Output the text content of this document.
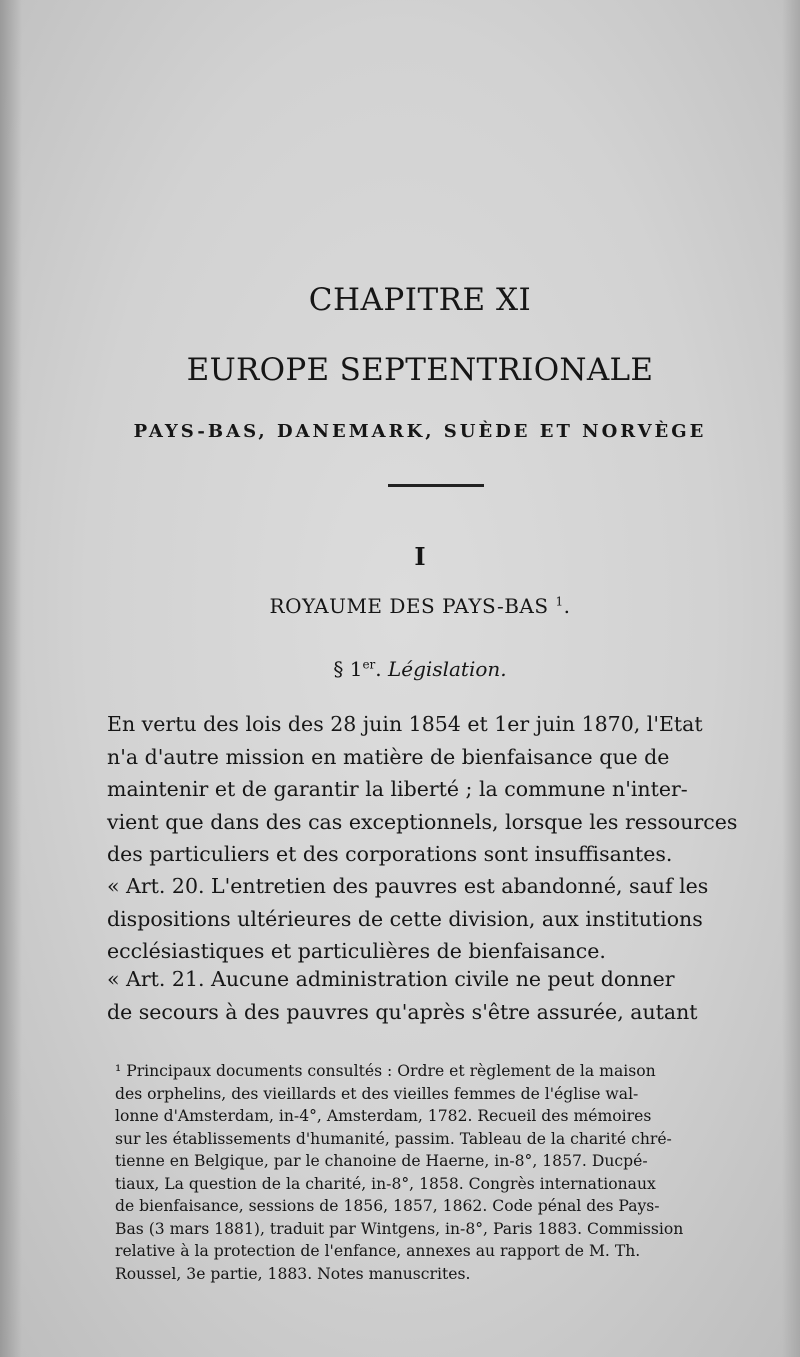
CHAPITRE XI
EUROPE SEPTENTRIONALE
PAYS-BAS, DANEMARK, SUÈDE ET NORVÈGE
I
ROYAUME DES PAYS-BAS $^1$.
§ 1er. Législation.
En vertu des lois des 28 juin 1854 et 1er juin 1870, l'Etat
n'a d'autre mission en matière de bienfaisance que de
maintenir et de garantir la liberté ; la commune n'inter-
vient que dans des cas exceptionnels, lorsque les ressources
des particuliers et des corporations sont insuffisantes.
« Art. 20. L'entretien des pauvres est abandonné, sauf les
dispositions ultérieures de cette division, aux institutions
ecclésiastiques et particulières de bienfaisance.
« Art. 21. Aucune administration civile ne peut donner
de secours à des pauvres qu'après s'être assurée, autant
¹ Principaux documents consultés : Ordre et règlement de la maison
des orphelins, des vieillards et des vieilles femmes de l'église wal-
lonne d'Amsterdam, in-4°, Amsterdam, 1782. Recueil des mémoires
sur les établissements d'humanité, passim. Tableau de la charité chré-
tienne en Belgique, par le chanoine de Haerne, in-8°, 1857. Ducpé-
tiaux, La question de la charité, in-8°, 1858. Congrès internationaux
de bienfaisance, sessions de 1856, 1857, 1862. Code pénal des Pays-
Bas (3 mars 1881), traduit par Wintgens, in-8°, Paris 1883. Commission
relative à la protection de l'enfance, annexes au rapport de M. Th.
Roussel, 3e partie, 1883. Notes manuscrites.
